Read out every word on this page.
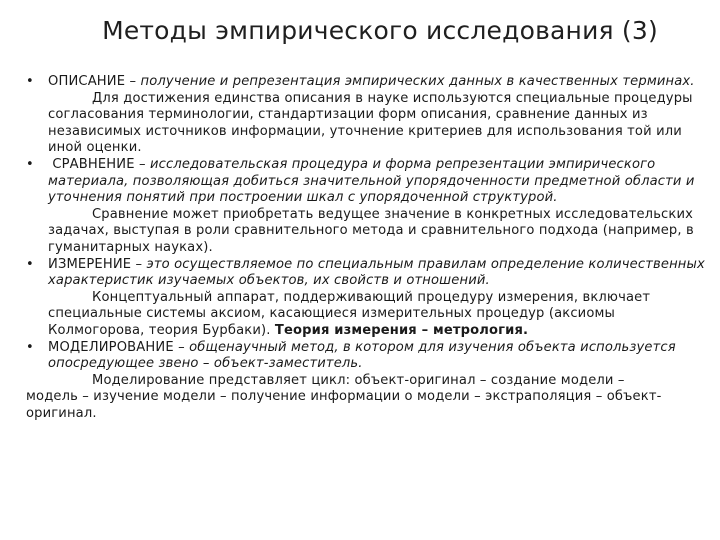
Методы эмпирического исследования (3)
• ОПИСАНИЕ – получение и репрезентация эмпирических данных в качественных терминах.
Для достижения единства описания в науке используются специальные процедуры согласования терминологии, стандартизации форм описания, сравнение данных из независимых источников информации, уточнение критериев для использования той или иной оценки.
•	СРАВНЕНИЕ – исследовательская процедура и форма репрезентации эмпирического материала, позволяющая добиться значительной упорядоченности предметной области и уточнения понятий при построении шкал с упорядоченной структурой.
Сравнение может приобретать ведущее значение в конкретных исследовательских задачах, выступая в роли сравнительного метода и сравнительного подхода (например, в гуманитарных науках).
• ИЗМЕРЕНИЕ – это осуществляемое по специальным правилам определение количественных характеристик изучаемых объектов, их свойств и отношений.
Концептуальный аппарат, поддерживающий процедуру измерения, включает специальные системы аксиом, касающиеся измерительных процедур (аксиомы Колмогорова, теория Бурбаки). Теория измерения – метрология.
• МОДЕЛИРОВАНИЕ – общенаучный метод, в котором для изучения объекта используется опосредующее звено – объект-заместитель.
Моделирование представляет цикл: объект-оригинал – создание модели –
модель – изучение модели – получение информации о модели – экстраполяция – объект-оригинал.
